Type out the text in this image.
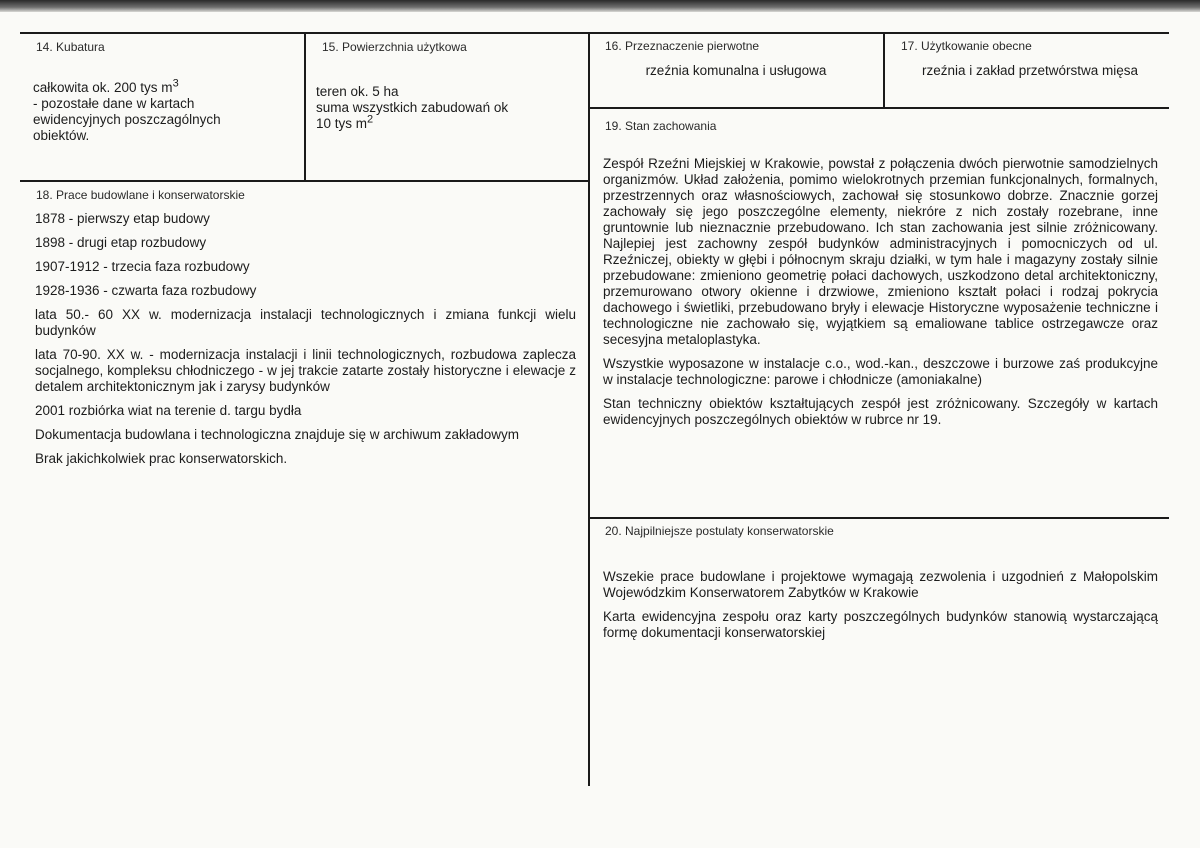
14. Kubatura
całkowita ok. 200 tys $m^3$
- pozostałe dane w kartach ewidencyjnych poszczagólnych obiektów.
15. Powierzchnia użytkowa
teren ok. 5 ha
suma wszystkich zabudowań ok
10 tys $m^2$
16. Przeznaczenie pierwotne
rzeźnia komunalna i usługowa
17. Użytkowanie obecne
rzeźnia i zakład przetwórstwa mięsa
18. Prace budowlane i konserwatorskie

1878 - pierwszy etap budowy

1898 - drugi etap rozbudowy

1907-1912 - trzecia faza rozbudowy

1928-1936 - czwarta faza rozbudowy

lata 50.- 60 XX w. modernizacja instalacji technologicznych i zmiana funkcji wielu budynków

lata 70-90. XX w. - modernizacja instalacji i linii technologicznych, rozbudowa zaplecza socjalnego, kompleksu chłodniczego - w jej trakcie zatarte zostały historyczne i elewacje z detalem architektonicznym jak i zarysy budynków

2001 rozbiórka wiat na terenie d. targu bydła

Dokumentacja budowlana i technologiczna znajduje się w archiwum zakładowym

Brak jakichkolwiek prac konserwatorskich.

19. Stan zachowania

Zespół Rzeźni Miejskiej w Krakowie, powstał z połączenia dwóch pierwotnie samodzielnych organizmów. Układ założenia, pomimo wielokrotnych przemian funkcjonalnych, formalnych, przestrzennych oraz własnościowych, zachował się stosunkowo dobrze. Znacznie gorzej zachowały się jego poszczególne elementy, niekróre z nich zostały rozebrane, inne gruntownie lub nieznacznie przebudowano. Ich stan zachowania jest silnie zróżnicowany. Najlepiej jest zachowny zespół budynków administracyjnych i pomocniczych od ul. Rzeźniczej, obiekty w głębi i północnym skraju działki, w tym hale i magazyny zostały silnie przebudowane: zmieniono geometrię połaci dachowych, uszkodzono detal architektoniczny, przemurowano otwory okienne i drzwiowe, zmieniono kształt połaci i rodzaj pokrycia dachowego i świetliki, przebudowano bryły i elewacje Historyczne wyposażenie techniczne i technologiczne nie zachowało się, wyjątkiem są emaliowane tablice ostrzegawcze oraz secesyjna metaloplastyka.

Wszystkie wyposazone w instalacje c.o., wod.-kan., deszczowe i burzowe zaś produkcyjne w instalacje technologiczne: parowe i chłodnicze (amoniakalne)

Stan techniczny obiektów kształtujących zespół jest zróżnicowany. Szczegóły w kartach ewidencyjnych poszczególnych obiektów w rubrce nr 19.

20. Najpilniejsze postulaty konserwatorskie

Wszekie prace budowlane i projektowe wymagają zezwolenia i uzgodnień z Małopolskim Wojewódzkim Konserwatorem Zabytków w Krakowie

Karta ewidencyjna zespołu oraz karty poszczególnych budynków stanowią wystarczającą formę dokumentacji konserwatorskiej
